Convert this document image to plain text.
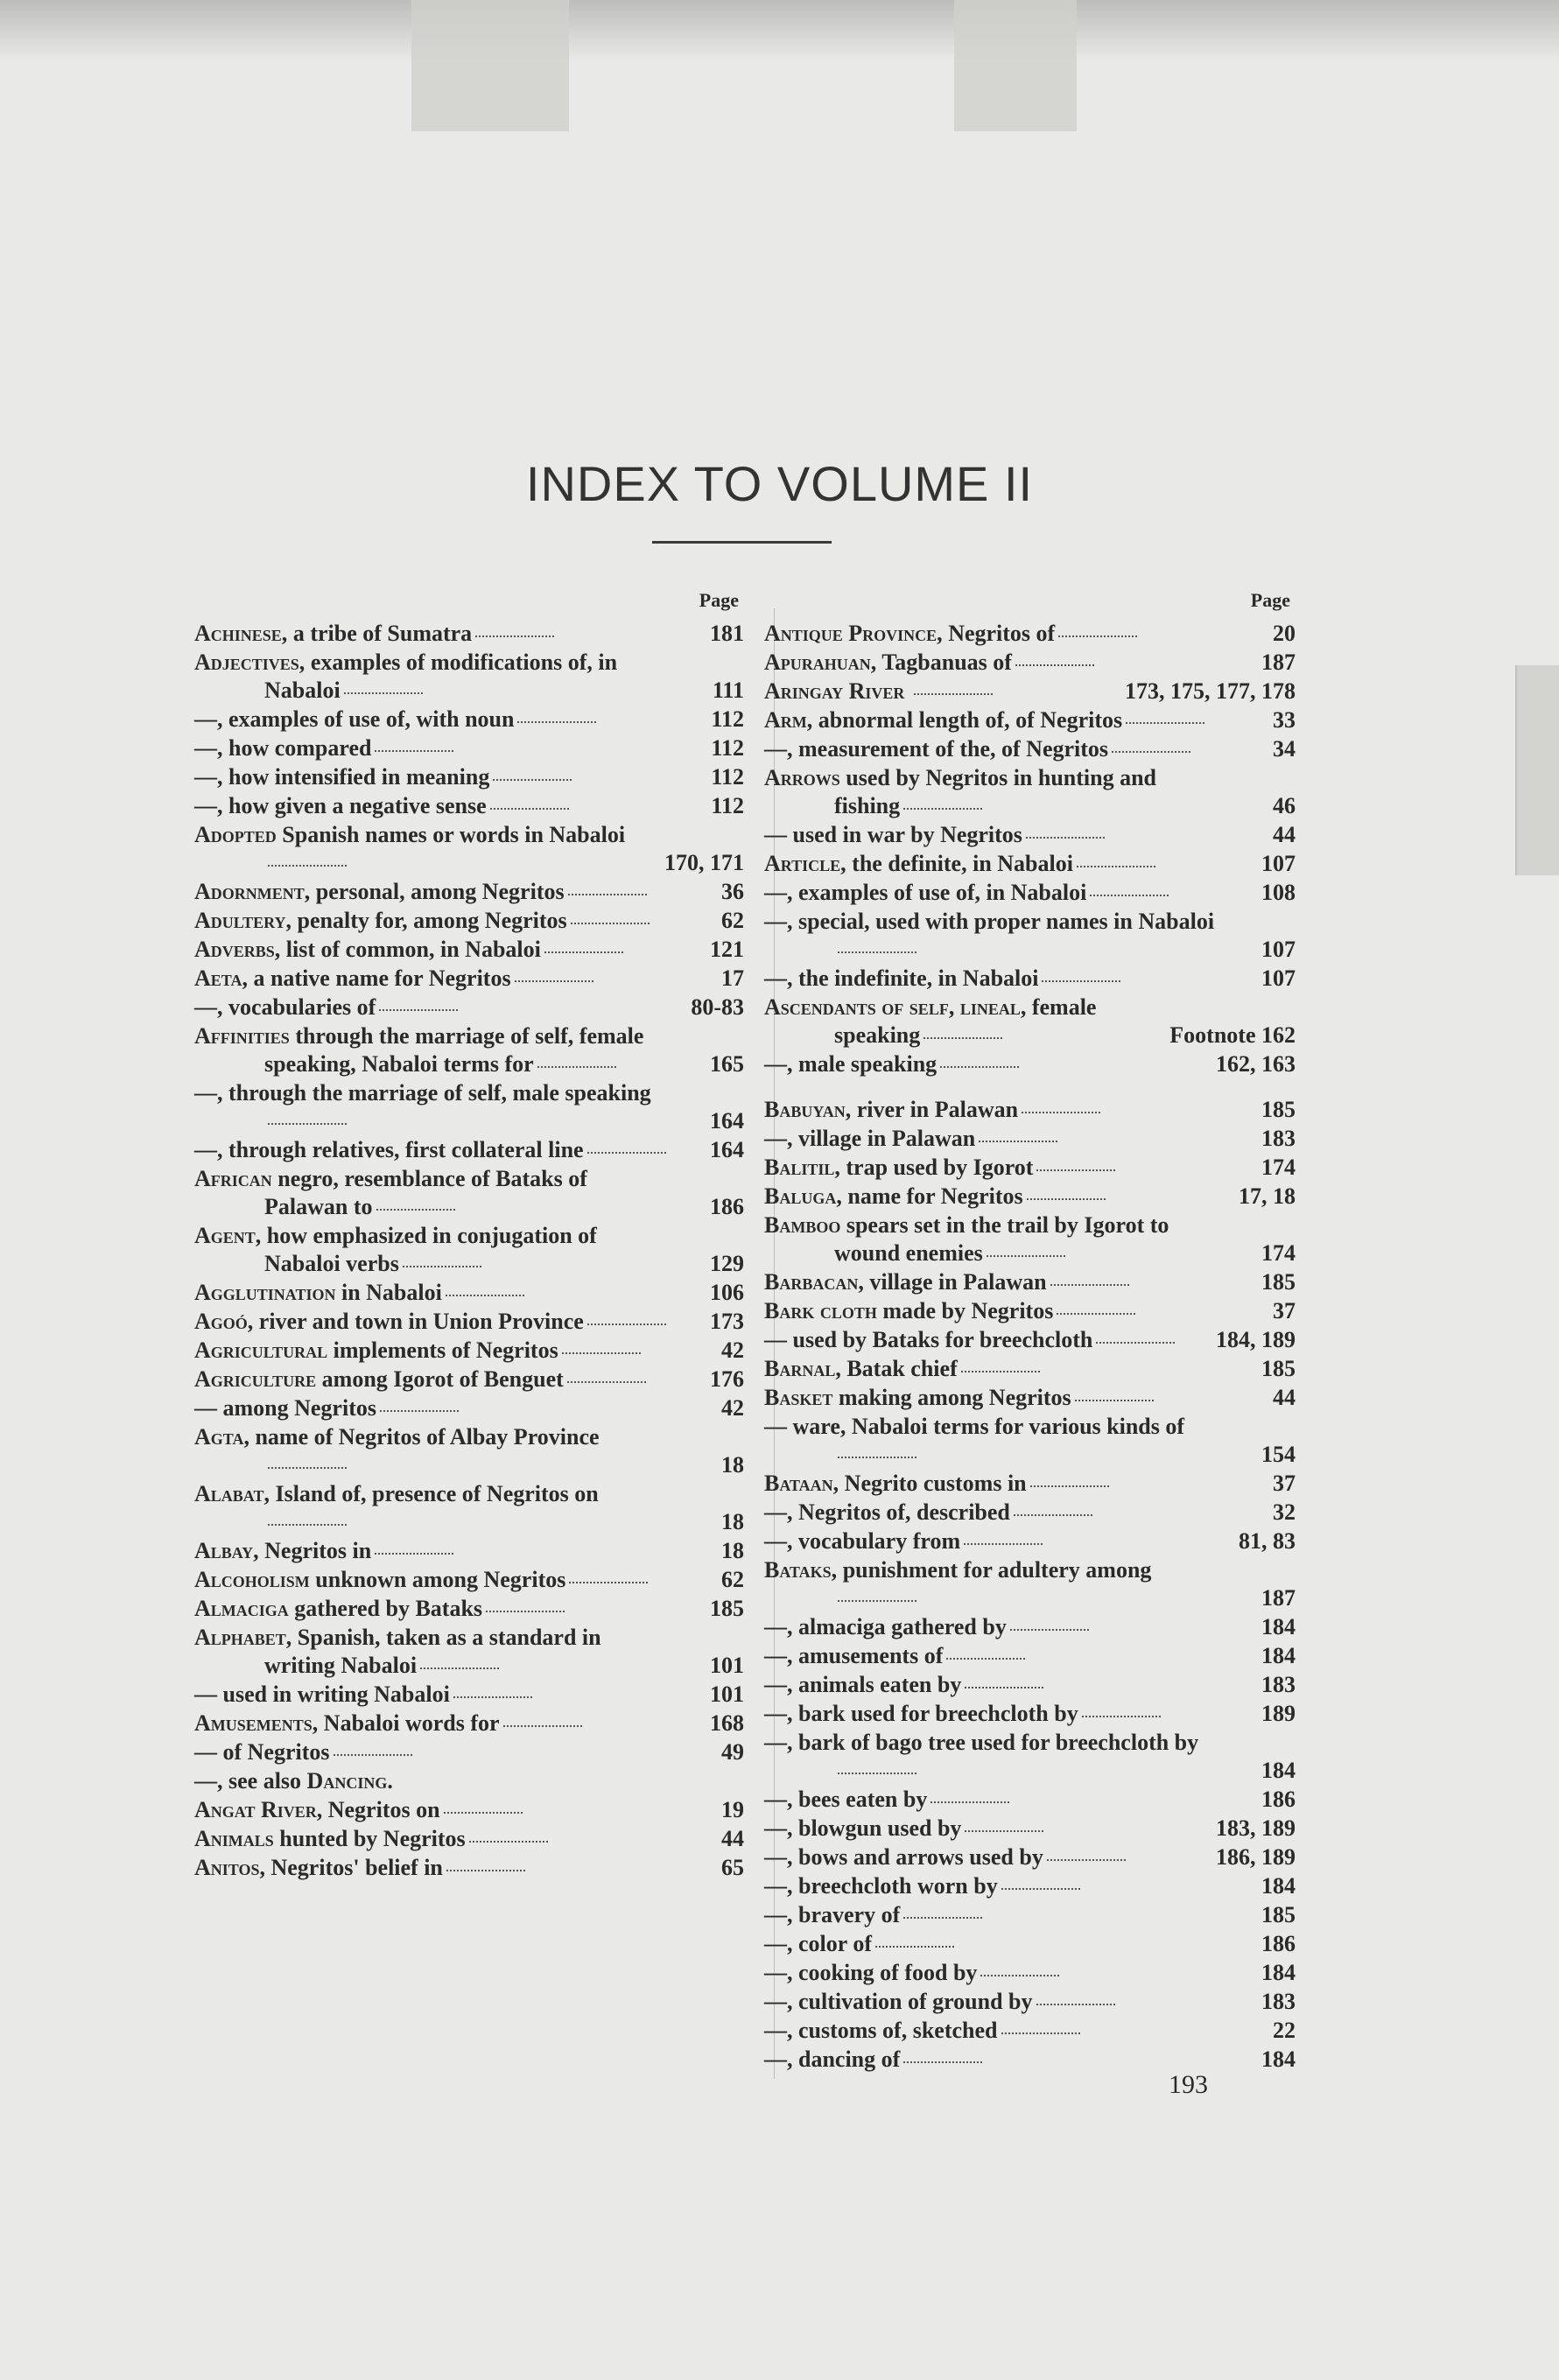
INDEX TO VOLUME II
Page
Achinese, a tribe of Sumatra	181
Adjectives, examples of modifications of, in Nabaloi	111
—, examples of use of, with noun	112
—, how compared	112
—, how intensified in meaning	112
—, how given a negative sense	112
Adopted Spanish names or words in Nabaloi
170, 171
Adornment, personal, among Negritos	36
Adultery, penalty for, among Negritos	62
Adverbs, list of common, in Nabaloi	121
Aeta, a native name for Negritos	17
—, vocabularies of	80-83
Affinities through the marriage of self, female speaking, Nabaloi terms for	165
—, through the marriage of self, male speaking
164
—, through relatives, first collateral line	164
African negro, resemblance of Bataks of Palawan to	186
Agent, how emphasized in conjugation of Nabaloi verbs	129
Agglutination in Nabaloi	106
Agoó, river and town in Union Province	173
Agricultural implements of Negritos	42
Agriculture among Igorot of Benguet	176
— among Negritos	42
Agta, name of Negritos of Albay Province
18
Alabat, Island of, presence of Negritos on
18
Albay, Negritos in	18
Alcoholism unknown among Negritos	62
Almaciga gathered by Bataks	185
Alphabet, Spanish, taken as a standard in writing Nabaloi	101
— used in writing Nabaloi	101
Amusements, Nabaloi words for	168
— of Negritos	49
—, see also Dancing.
Angat River, Negritos on	19
Animals hunted by Negritos	44
Anitos, Negritos' belief in	65
Page
Antique Province, Negritos of	20
Apurahuan, Tagbanuas of	187
Aringay River	173, 175, 177, 178
Arm, abnormal length of, of Negritos	33
—, measurement of the, of Negritos	34
Arrows used by Negritos in hunting and fishing	46
— used in war by Negritos	44
Article, the definite, in Nabaloi	107
—, examples of use of, in Nabaloi	108
—, special, used with proper names in Nabaloi
107
—, the indefinite, in Nabaloi	107
Ascendants of self, lineal, female speaking	Footnote 162
—, male speaking	162, 163
Babuyan, river in Palawan	185
—, village in Palawan	183
Balitil, trap used by Igorot	174
Baluga, name for Negritos	17, 18
Bamboo spears set in the trail by Igorot to wound enemies	174
Barbacan, village in Palawan	185
Bark cloth made by Negritos	37
— used by Bataks for breechcloth	184, 189
Barnal, Batak chief	185
Basket making among Negritos	44
— ware, Nabaloi terms for various kinds of
154
Bataan, Negrito customs in	37
—, Negritos of, described	32
—, vocabulary from	81, 83
Bataks, punishment for adultery among
187
—, almaciga gathered by	184
—, amusements of	184
—, animals eaten by	183
—, bark used for breechcloth by	189
—, bark of bago tree used for breechcloth by
184
—, bees eaten by	186
—, blowgun used by	183, 189
—, bows and arrows used by	186, 189
—, breechcloth worn by	184
—, bravery of	185
—, color of	186
—, cooking of food by	184
—, cultivation of ground by	183
—, customs of, sketched	22
—, dancing of	184
193
